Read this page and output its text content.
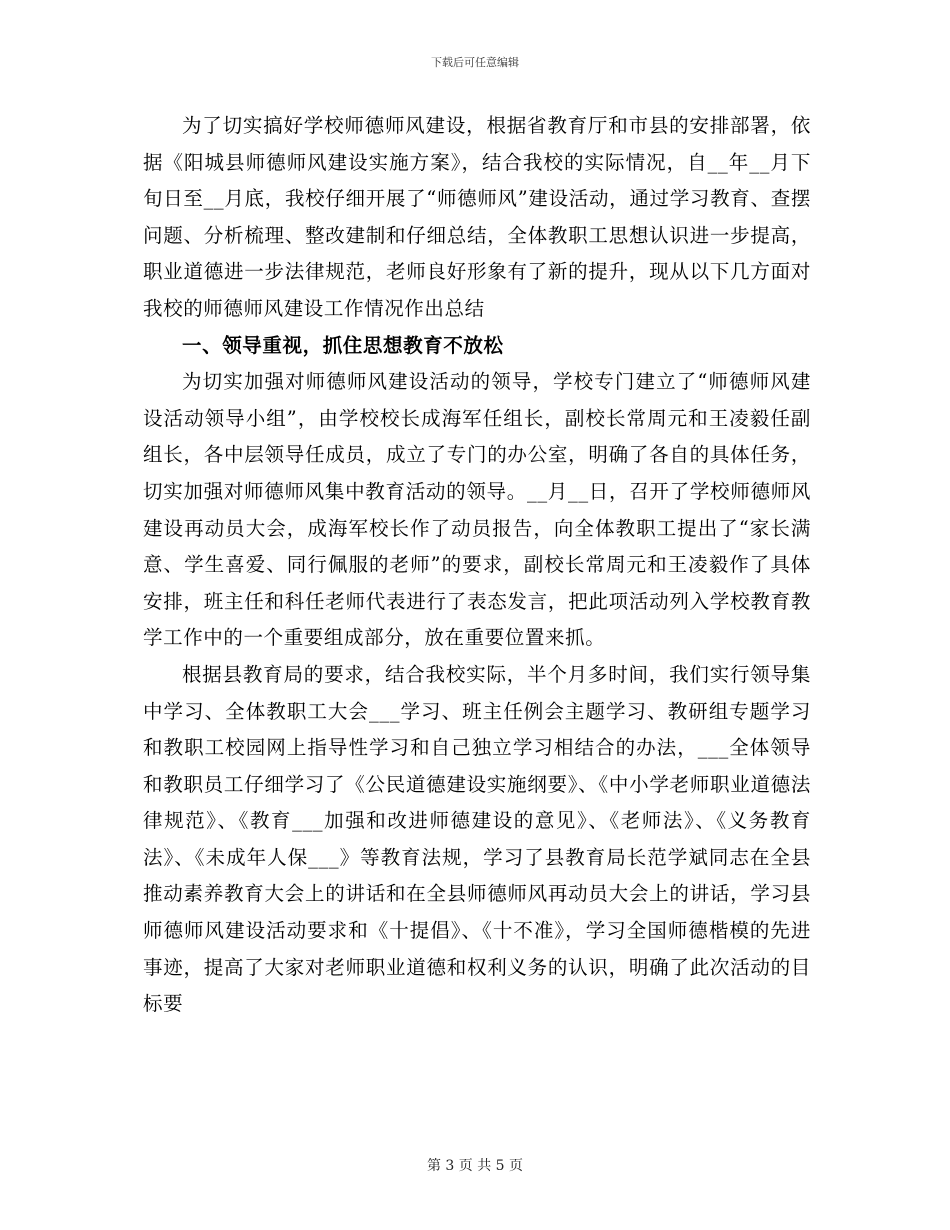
下载后可任意编辑

为了切实搞好学校师德师风建设，根据省教育厅和市县的安排部署，依据《阳城县师德师风建设实施方案》，结合我校的实际情况，自__年__月下旬日至__月底，我校仔细开展了“师德师风”建设活动，通过学习教育、查摆问题、分析梳理、整改建制和仔细总结，全体教职工思想认识进一步提高，职业道德进一步法律规范，老师良好形象有了新的提升，现从以下几方面对我校的师德师风建设工作情况作出总结

一、领导重视，抓住思想教育不放松

为切实加强对师德师风建设活动的领导，学校专门建立了“师德师风建设活动领导小组”，由学校校长成海军任组长，副校长常周元和王凌毅任副组长，各中层领导任成员，成立了专门的办公室，明确了各自的具体任务，切实加强对师德师风集中教育活动的领导。__月__日，召开了学校师德师风建设再动员大会，成海军校长作了动员报告，向全体教职工提出了“家长满意、学生喜爱、同行佩服的老师”的要求，副校长常周元和王凌毅作了具体安排，班主任和科任老师代表进行了表态发言，把此项活动列入学校教育教学工作中的一个重要组成部分，放在重要位置来抓。

根据县教育局的要求，结合我校实际，半个月多时间，我们实行领导集中学习、全体教职工大会___学习、班主任例会主题学习、教研组专题学习和教职工校园网上指导性学习和自己独立学习相结合的办法，___全体领导和教职员工仔细学习了《公民道德建设实施纲要》、《中小学老师职业道德法律规范》、《教育___加强和改进师德建设的意见》、《老师法》、《义务教育法》、《未成年人保___》等教育法规，学习了县教育局长范学斌同志在全县推动素养教育大会上的讲话和在全县师德师风再动员大会上的讲话，学习县师德师风建设活动要求和《十提倡》、《十不准》，学习全国师德楷模的先进事迹，提高了大家对老师职业道德和权利义务的认识，明确了此次活动的目标要

第 3 页 共 5 页
